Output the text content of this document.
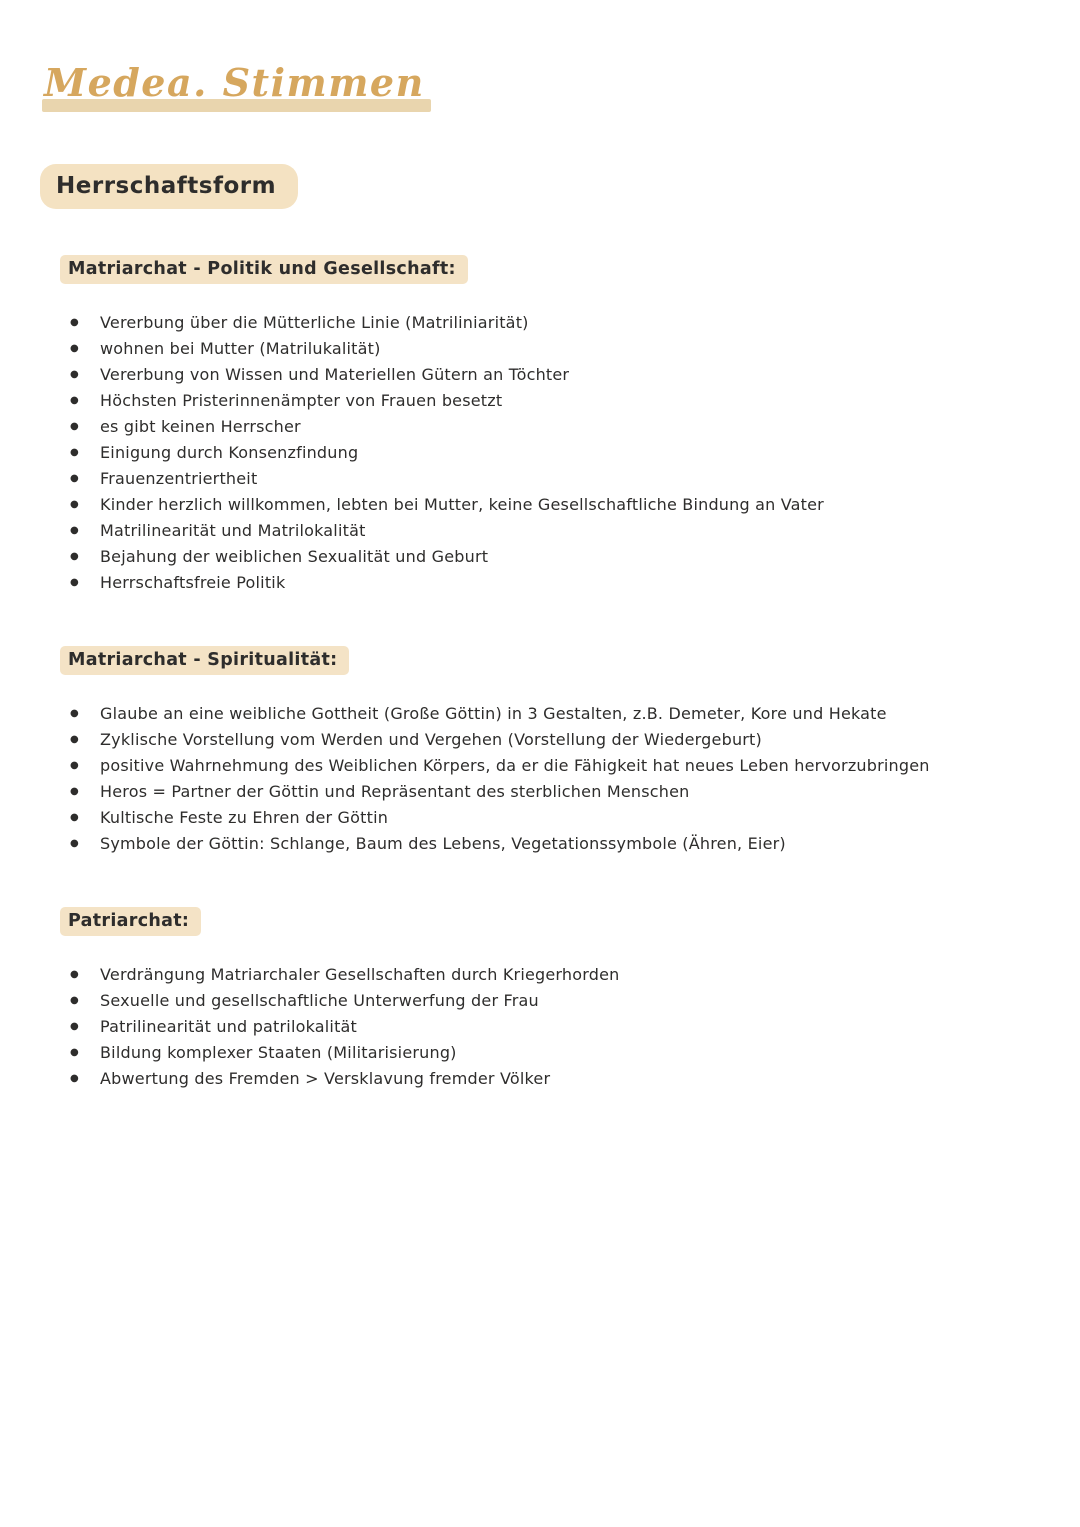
Medea. Stimmen
Herrschaftsform
Matriarchat - Politik und Gesellschaft:
●	Vererbung über die Mütterliche Linie (Matriliniarität)
●	wohnen bei Mutter (Matrilukalität)
●	Vererbung von Wissen und Materiellen Gütern an Töchter
●	Höchsten Pristerinnenämpter von Frauen besetzt
●	es gibt keinen Herrscher
●	Einigung durch Konsenzfindung
●	Frauenzentriertheit
●	Kinder herzlich willkommen, lebten bei Mutter, keine Gesellschaftliche Bindung an Vater
●	Matrilinearität und Matrilokalität
●	Bejahung der weiblichen Sexualität und Geburt
●	Herrschaftsfreie Politik
Matriarchat - Spiritualität:
●	Glaube an eine weibliche Gottheit (Große Göttin) in 3 Gestalten, z.B. Demeter, Kore und Hekate
●	Zyklische Vorstellung vom Werden und Vergehen (Vorstellung der Wiedergeburt)
●	positive Wahrnehmung des Weiblichen Körpers, da er die Fähigkeit hat neues Leben hervorzubringen
●	Heros = Partner der Göttin und Repräsentant des sterblichen Menschen
●	Kultische Feste zu Ehren der Göttin
●	Symbole der Göttin: Schlange, Baum des Lebens, Vegetationssymbole (Ähren, Eier)
Patriarchat:
●	Verdrängung Matriarchaler Gesellschaften durch Kriegerhorden
●	Sexuelle und gesellschaftliche Unterwerfung der Frau
●	Patrilinearität und patrilokalität
●	Bildung komplexer Staaten (Militarisierung)
●	Abwertung des Fremden > Versklavung fremder Völker
